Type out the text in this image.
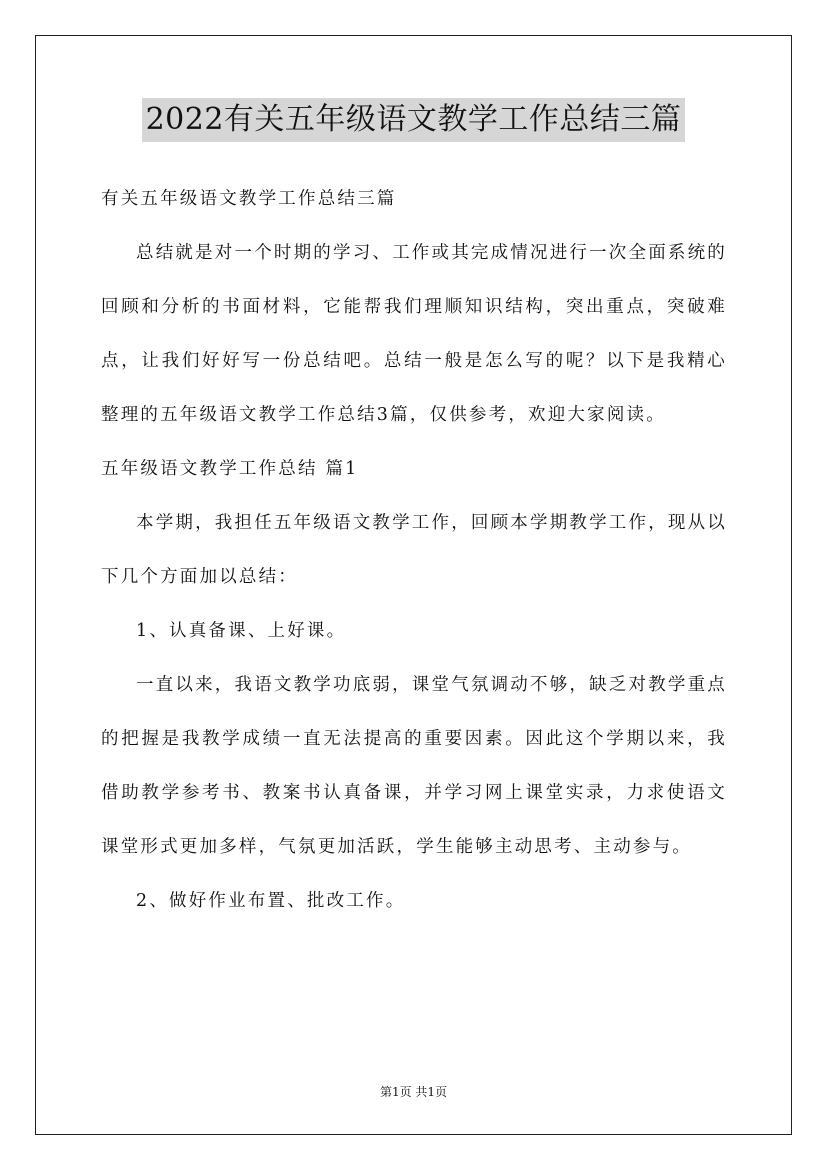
2022有关五年级语文教学工作总结三篇

有关五年级语文教学工作总结三篇

总结就是对一个时期的学习、工作或其完成情况进行一次全面系统的回顾和分析的书面材料，它能帮我们理顺知识结构，突出重点，突破难点，让我们好好写一份总结吧。总结一般是怎么写的呢？以下是我精心整理的五年级语文教学工作总结3篇，仅供参考，欢迎大家阅读。

五年级语文教学工作总结 篇1

本学期，我担任五年级语文教学工作，回顾本学期教学工作，现从以下几个方面加以总结：

1、认真备课、上好课。

一直以来，我语文教学功底弱，课堂气氛调动不够，缺乏对教学重点的把握是我教学成绩一直无法提高的重要因素。因此这个学期以来，我借助教学参考书、教案书认真备课，并学习网上课堂实录，力求使语文课堂形式更加多样，气氛更加活跃，学生能够主动思考、主动参与。

2、做好作业布置、批改工作。

第1页 共1页
